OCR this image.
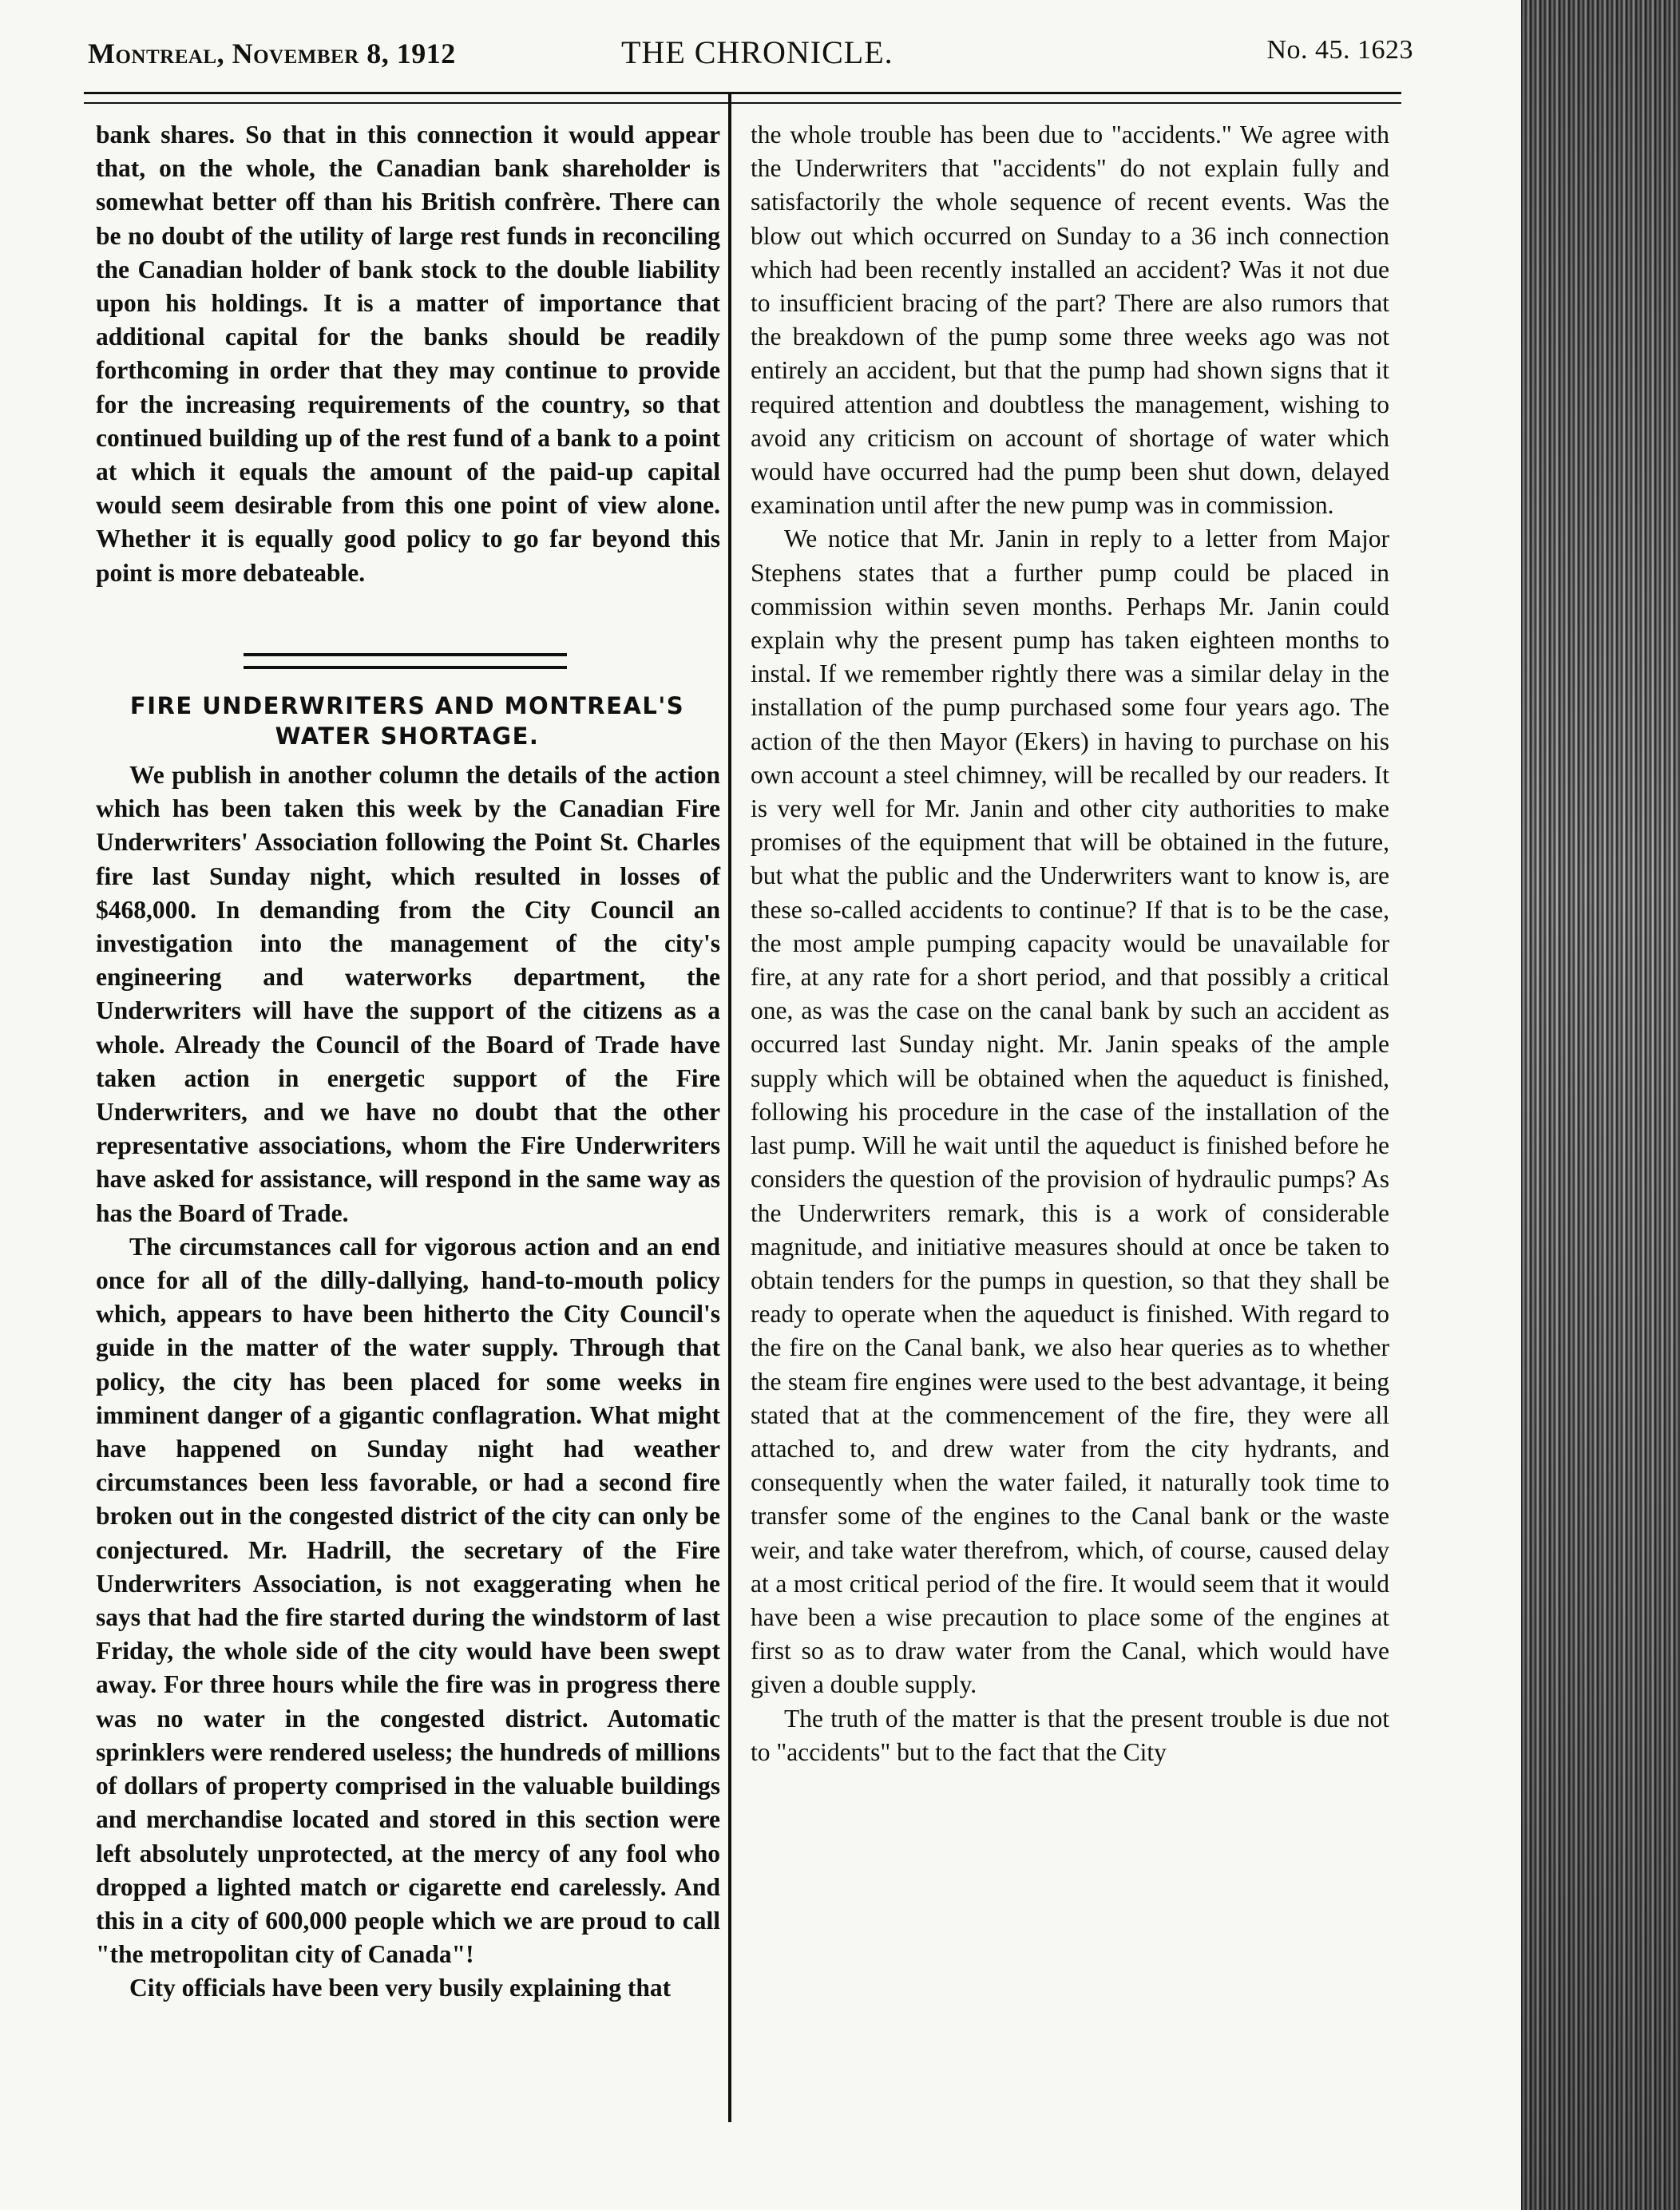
Montreal, November 8, 1912	THE CHRONICLE.	No. 45. 1623

bank shares. So that in this connection it would appear that, on the whole, the Canadian bank shareholder is somewhat better off than his British confrère. There can be no doubt of the utility of large rest funds in reconciling the Canadian holder of bank stock to the double liability upon his holdings. It is a matter of importance that additional capital for the banks should be readily forthcoming in order that they may continue to provide for the increasing requirements of the country, so that continued building up of the rest fund of a bank to a point at which it equals the amount of the paid-up capital would seem desirable from this one point of view alone. Whether it is equally good policy to go far beyond this point is more debateable.

FIRE UNDERWRITERS AND MONTREAL'S
WATER SHORTAGE.

We publish in another column the details of the action which has been taken this week by the Canadian Fire Underwriters' Association following the Point St. Charles fire last Sunday night, which resulted in losses of $468,000. In demanding from the City Council an investigation into the management of the city's engineering and waterworks department, the Underwriters will have the support of the citizens as a whole. Already the Council of the Board of Trade have taken action in energetic support of the Fire Underwriters, and we have no doubt that the other representative associations, whom the Fire Underwriters have asked for assistance, will respond in the same way as has the Board of Trade.

The circumstances call for vigorous action and an end once for all of the dilly-dallying, hand-to-mouth policy which, appears to have been hitherto the City Council's guide in the matter of the water supply. Through that policy, the city has been placed for some weeks in imminent danger of a gigantic conflagration. What might have happened on Sunday night had weather circumstances been less favorable, or had a second fire broken out in the congested district of the city can only be conjectured. Mr. Hadrill, the secretary of the Fire Underwriters Association, is not exaggerating when he says that had the fire started during the windstorm of last Friday, the whole side of the city would have been swept away. For three hours while the fire was in progress there was no water in the congested district. Automatic sprinklers were rendered useless; the hundreds of millions of dollars of property comprised in the valuable buildings and merchandise located and stored in this section were left absolutely unprotected, at the mercy of any fool who dropped a lighted match or cigarette end carelessly. And this in a city of 600,000 people which we are proud to call "the metropolitan city of Canada"!

City officials have been very busily explaining that

the whole trouble has been due to "accidents." We agree with the Underwriters that "accidents" do not explain fully and satisfactorily the whole sequence of recent events. Was the blow out which occurred on Sunday to a 36 inch connection which had been recently installed an accident? Was it not due to insufficient bracing of the part? There are also rumors that the breakdown of the pump some three weeks ago was not entirely an accident, but that the pump had shown signs that it required attention and doubtless the management, wishing to avoid any criticism on account of shortage of water which would have occurred had the pump been shut down, delayed examination until after the new pump was in commission.

We notice that Mr. Janin in reply to a letter from Major Stephens states that a further pump could be placed in commission within seven months. Perhaps Mr. Janin could explain why the present pump has taken eighteen months to instal. If we remember rightly there was a similar delay in the installation of the pump purchased some four years ago. The action of the then Mayor (Ekers) in having to purchase on his own account a steel chimney, will be recalled by our readers. It is very well for Mr. Janin and other city authorities to make promises of the equipment that will be obtained in the future, but what the public and the Underwriters want to know is, are these so-called accidents to continue? If that is to be the case, the most ample pumping capacity would be unavailable for fire, at any rate for a short period, and that possibly a critical one, as was the case on the canal bank by such an accident as occurred last Sunday night. Mr. Janin speaks of the ample supply which will be obtained when the aqueduct is finished, following his procedure in the case of the installation of the last pump. Will he wait until the aqueduct is finished before he considers the question of the provision of hydraulic pumps? As the Underwriters remark, this is a work of considerable magnitude, and initiative measures should at once be taken to obtain tenders for the pumps in question, so that they shall be ready to operate when the aqueduct is finished. With regard to the fire on the Canal bank, we also hear queries as to whether the steam fire engines were used to the best advantage, it being stated that at the commencement of the fire, they were all attached to, and drew water from the city hydrants, and consequently when the water failed, it naturally took time to transfer some of the engines to the Canal bank or the waste weir, and take water therefrom, which, of course, caused delay at a most critical period of the fire. It would seem that it would have been a wise precaution to place some of the engines at first so as to draw water from the Canal, which would have given a double supply.

The truth of the matter is that the present trouble is due not to "accidents" but to the fact that the City
